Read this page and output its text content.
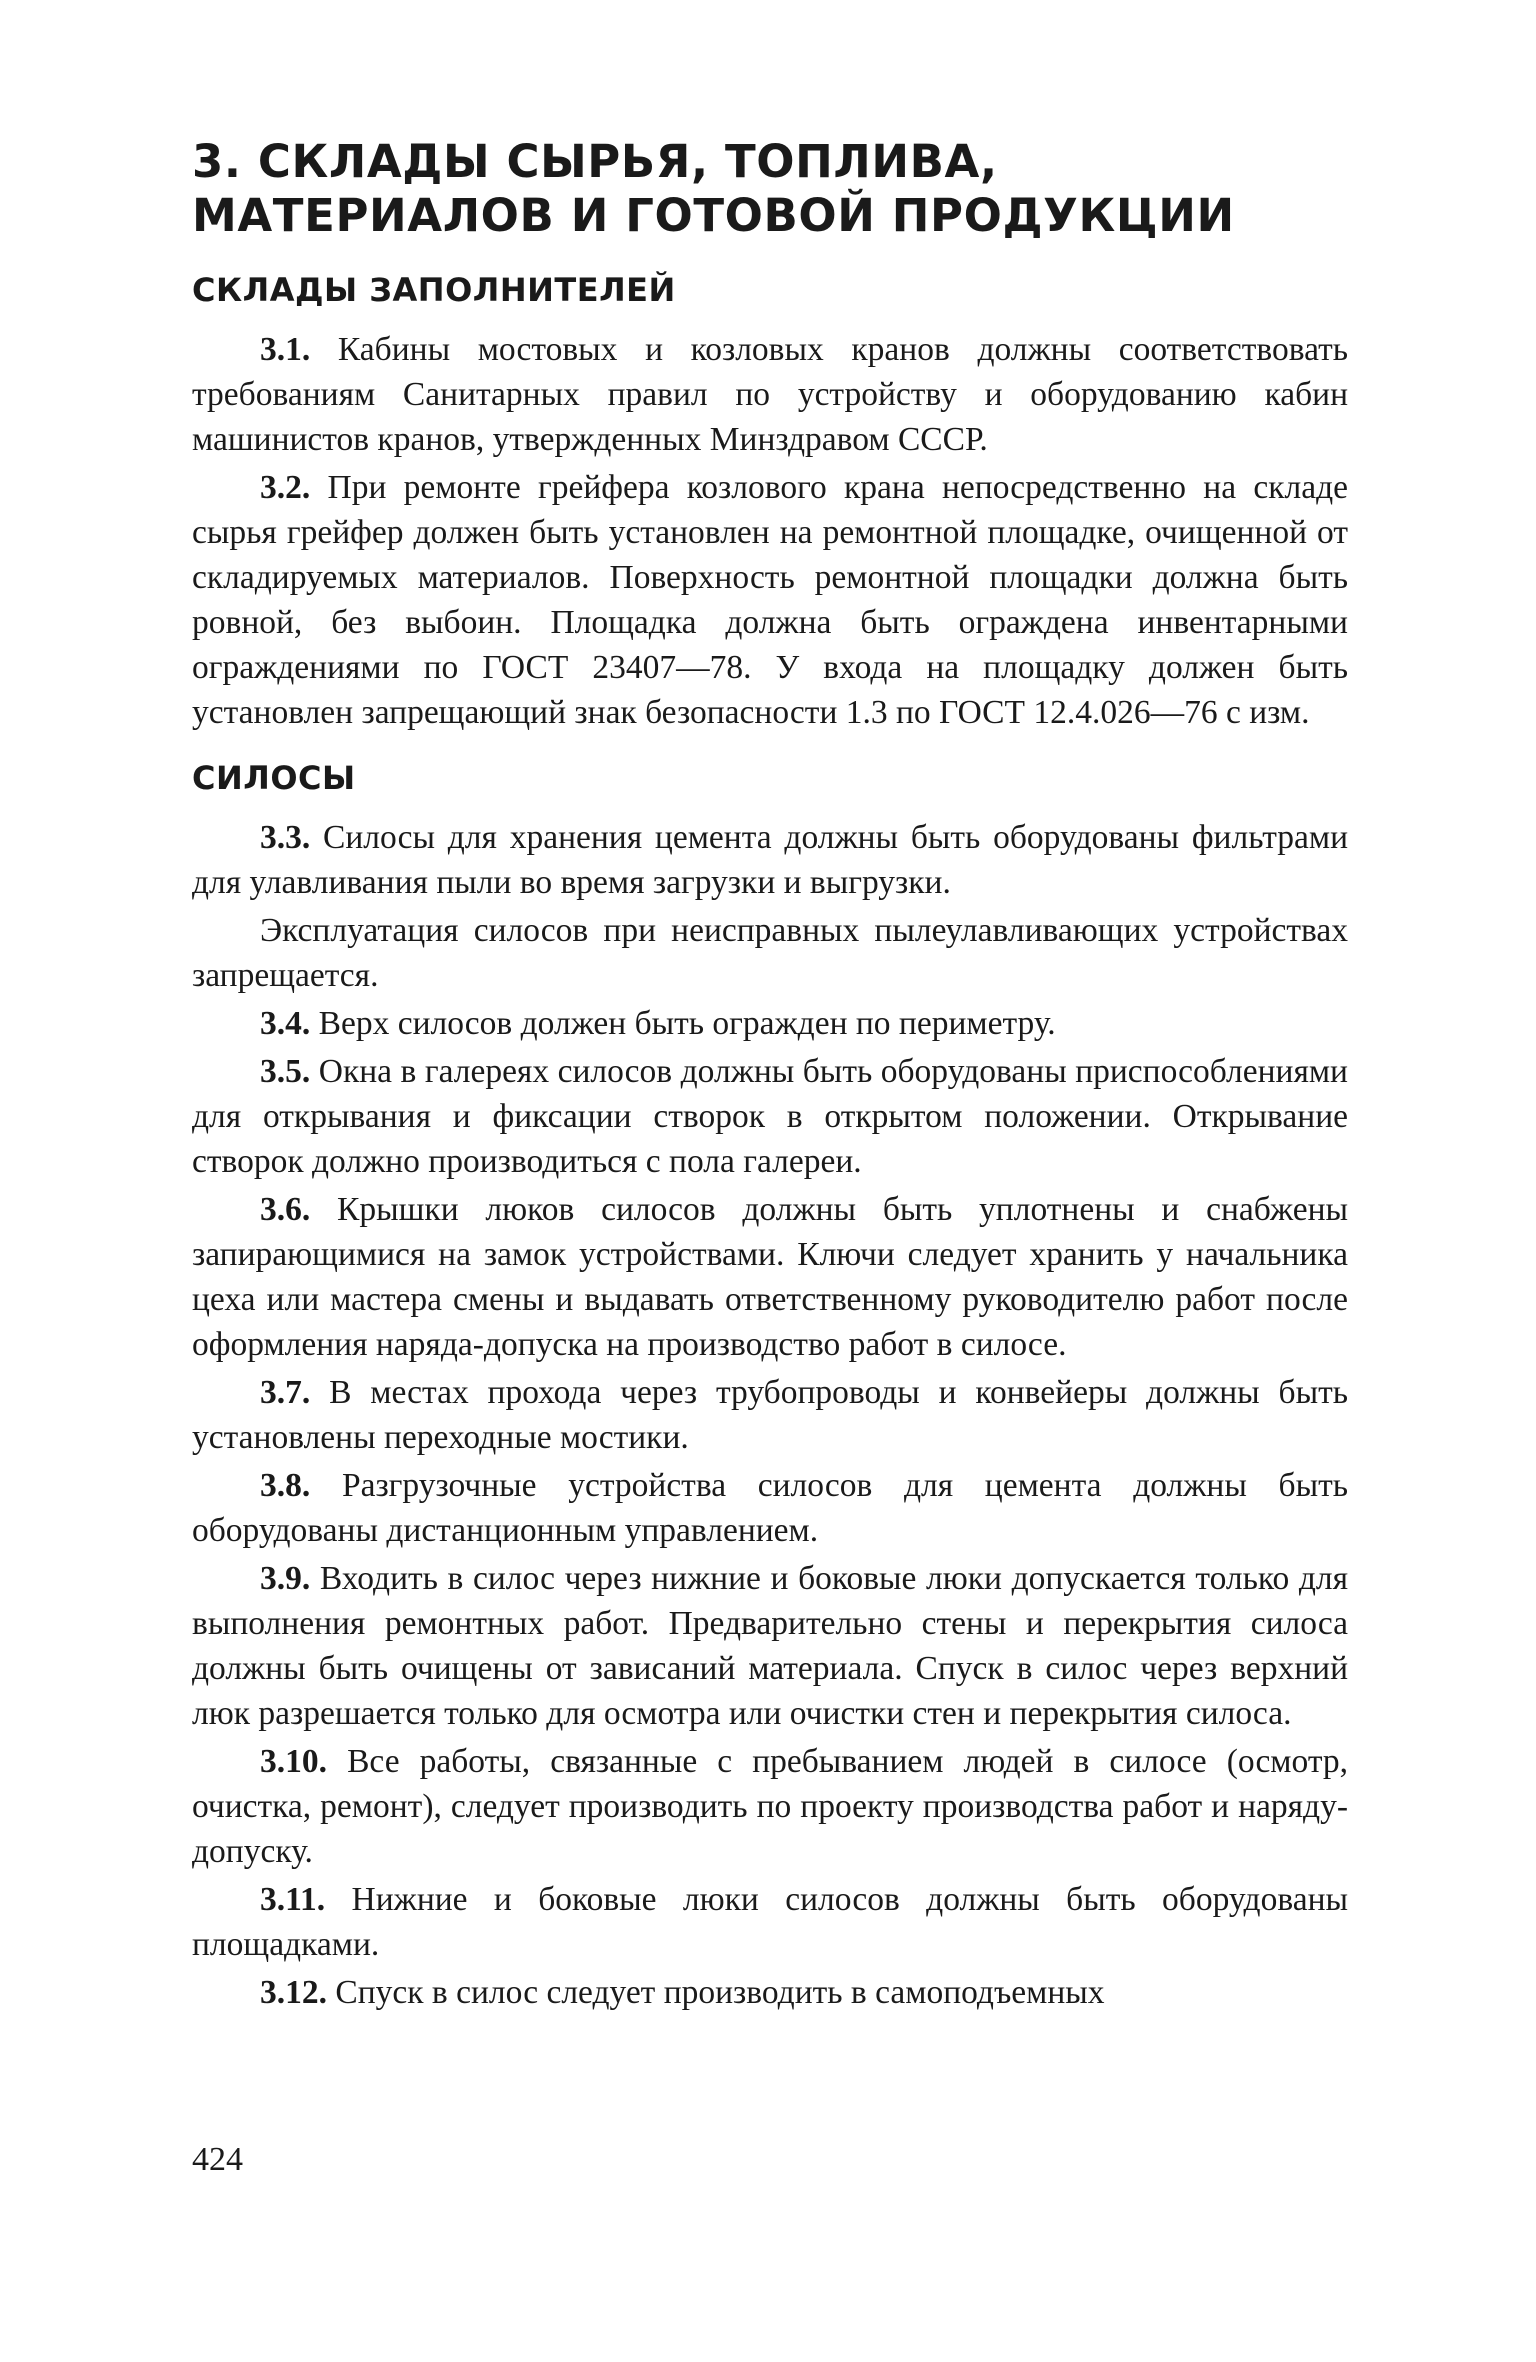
3. СКЛАДЫ СЫРЬЯ, ТОПЛИВА,
МАТЕРИАЛОВ И ГОТОВОЙ ПРОДУКЦИИ
СКЛАДЫ ЗАПОЛНИТЕЛЕЙ

3.1. Кабины мостовых и козловых кранов должны соответствовать требованиям Санитарных правил по устройству и оборудованию кабин машинистов кранов, утвержденных Минздравом СССР.

3.2. При ремонте грейфера козлового крана непосредственно на складе сырья грейфер должен быть установлен на ремонтной площадке, очищенной от складируемых материалов. Поверхность ремонтной площадки должна быть ровной, без выбоин. Площадка должна быть ограждена инвентарными ограждениями по ГОСТ 23407—78. У входа на площадку должен быть установлен запрещающий знак безопасности 1.3 по ГОСТ 12.4.026—76 с изм.

СИЛОСЫ

3.3. Силосы для хранения цемента должны быть оборудованы фильтрами для улавливания пыли во время загрузки и выгрузки.

Эксплуатация силосов при неисправных пылеулавливающих устройствах запрещается.

3.4. Верх силосов должен быть огражден по периметру.

3.5. Окна в галереях силосов должны быть оборудованы приспособлениями для открывания и фиксации створок в открытом положении. Открывание створок должно производиться с пола галереи.

3.6. Крышки люков силосов должны быть уплотнены и снабжены запирающимися на замок устройствами. Ключи следует хранить у начальника цеха или мастера смены и выдавать ответственному руководителю работ после оформления наряда-допуска на производство работ в силосе.

3.7. В местах прохода через трубопроводы и конвейеры должны быть установлены переходные мостики.

3.8. Разгрузочные устройства силосов для цемента должны быть оборудованы дистанционным управлением.

3.9. Входить в силос через нижние и боковые люки допускается только для выполнения ремонтных работ. Предварительно стены и перекрытия силоса должны быть очищены от зависаний материала. Спуск в силос через верхний люк разрешается только для осмотра или очистки стен и перекрытия силоса.

3.10. Все работы, связанные с пребыванием людей в силосе (осмотр, очистка, ремонт), следует производить по проекту производства работ и наряду-допуску.

3.11. Нижние и боковые люки силосов должны быть оборудованы площадками.

3.12. Спуск в силос следует производить в самоподъемных

424
